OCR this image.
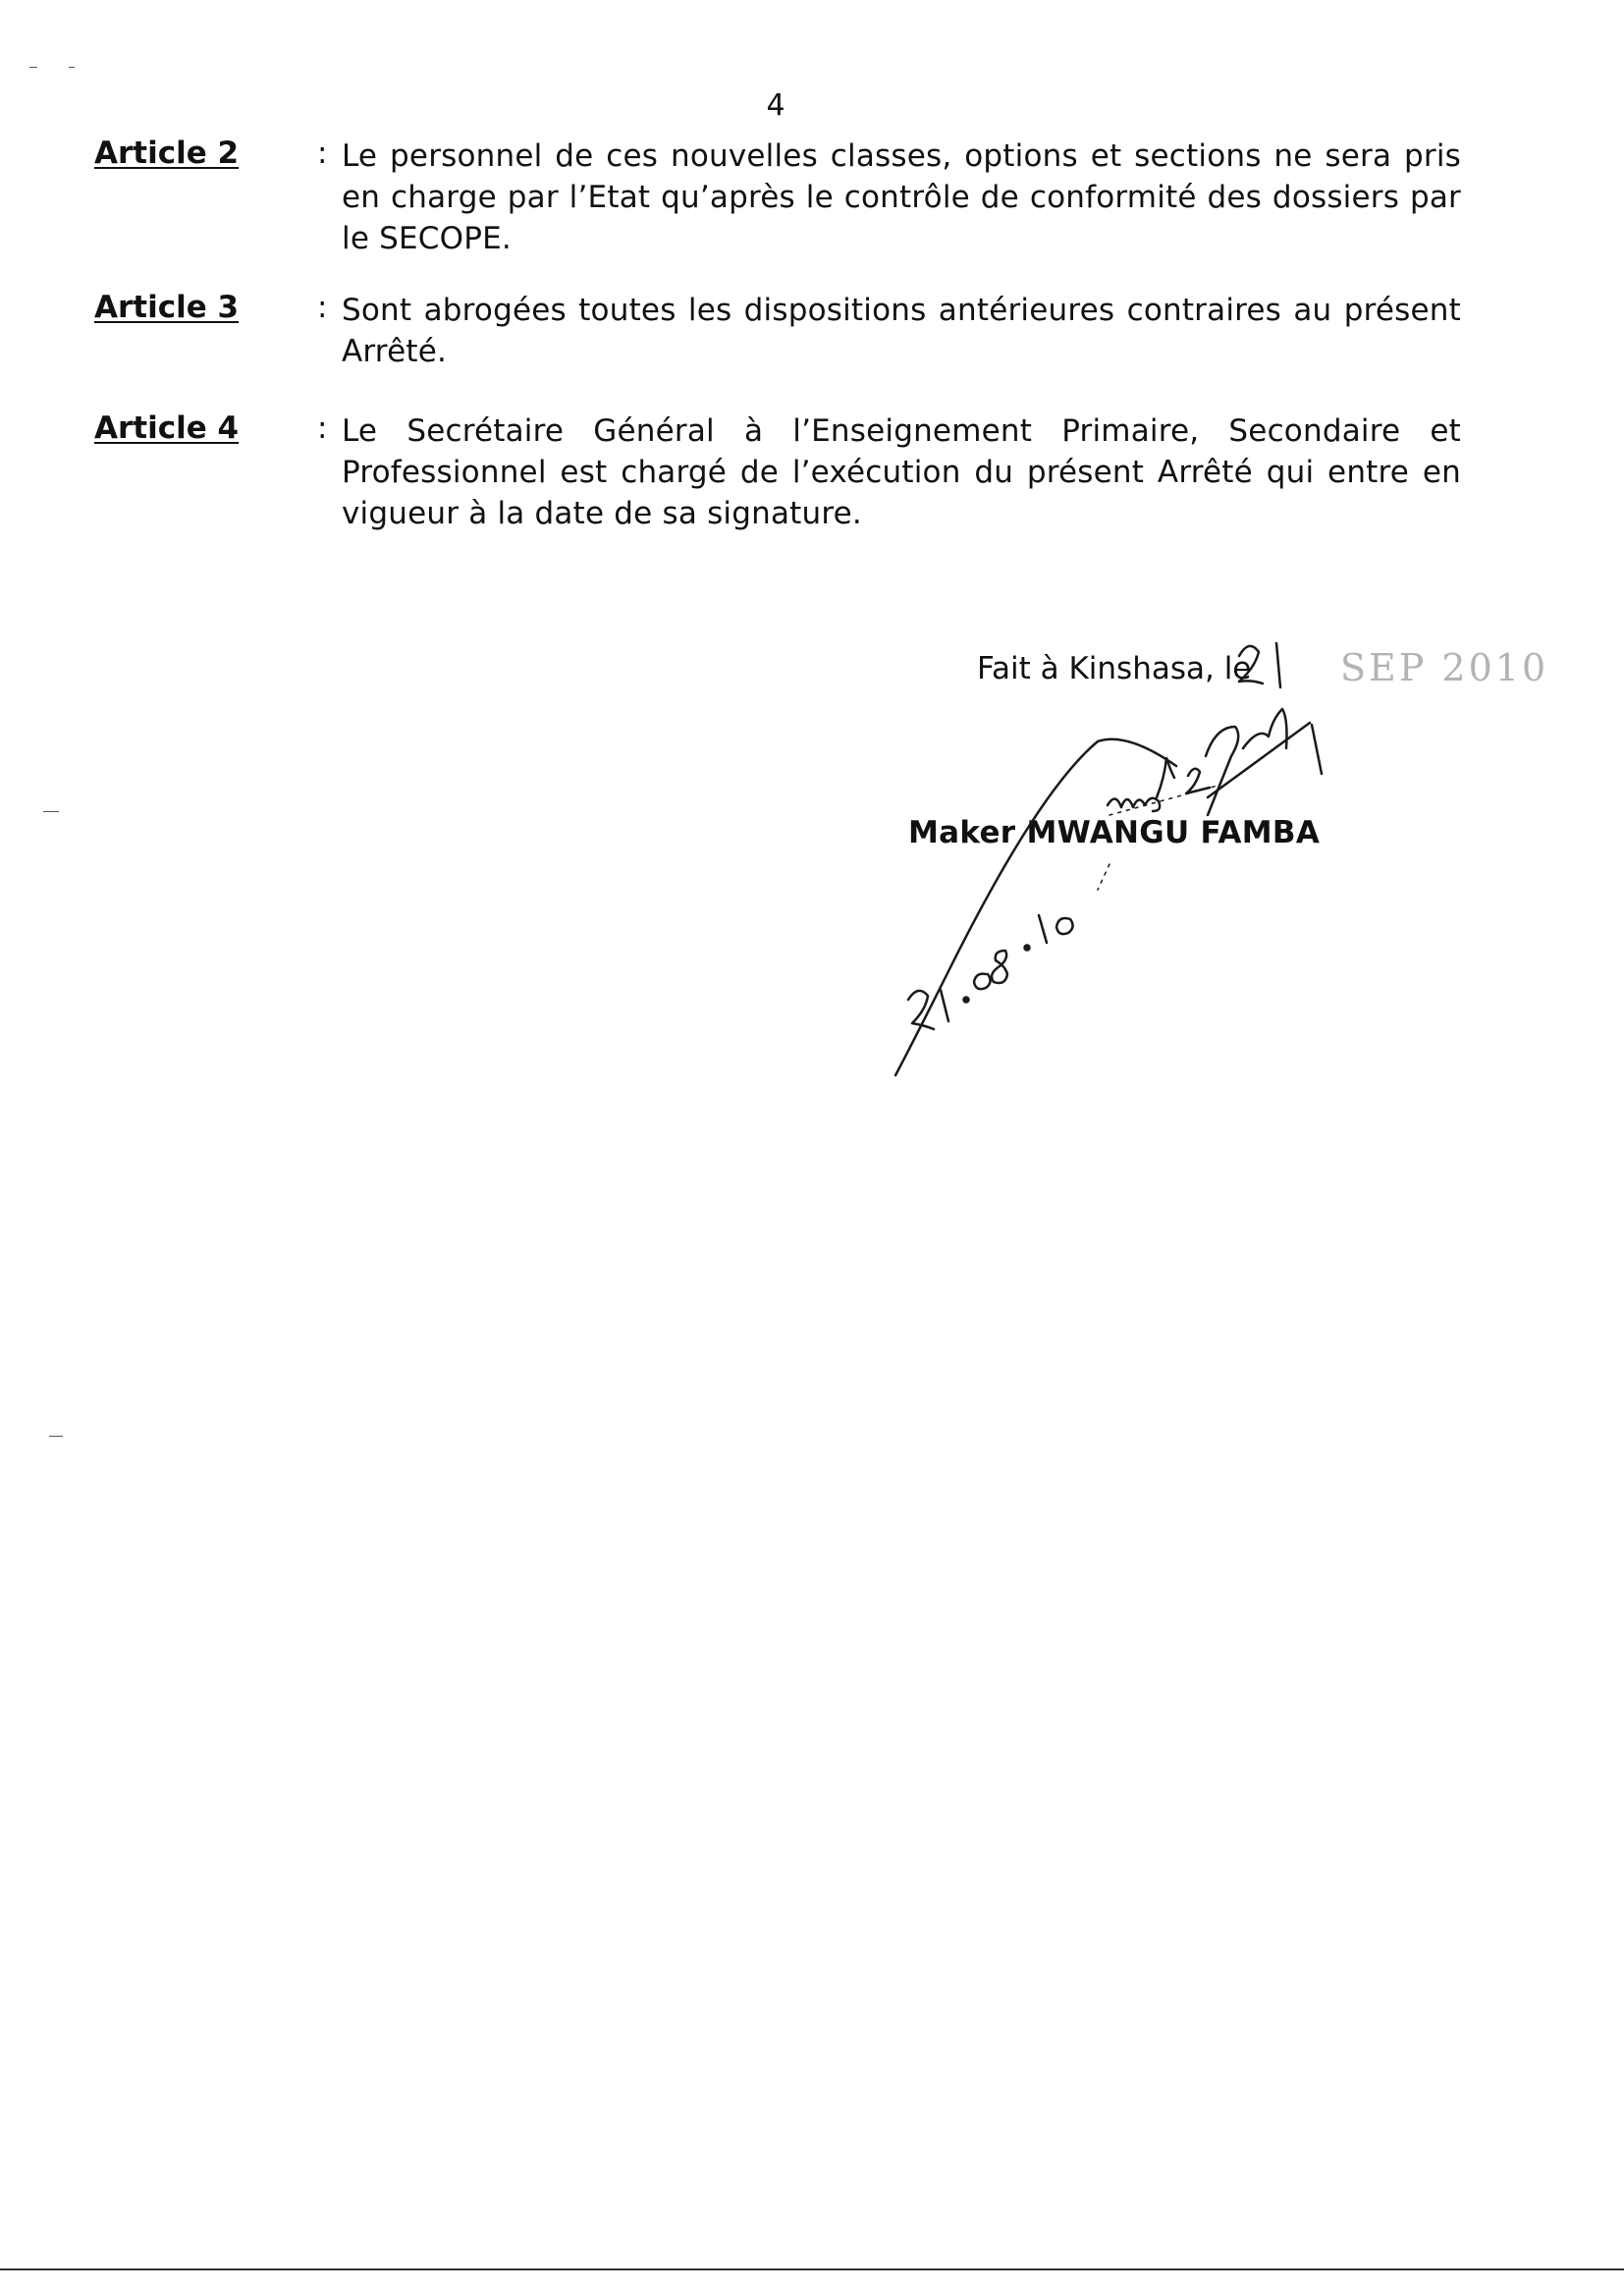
4
Article 2	: Le personnel de ces nouvelles classes, options et sections ne sera pris en charge par l’Etat qu’après le contrôle de conformité des dossiers par le SECOPE.
Article 3	: Sont abrogées toutes les dispositions antérieures contraires au présent Arrêté.
Article 4	: Le Secrétaire Général à l’Enseignement Primaire, Secondaire et Professionnel est chargé de l’exécution du présent Arrêté qui entre en vigueur à la date de sa signature.
Fait à Kinshasa, le SEP 2010
Maker MWANGU FAMBA
